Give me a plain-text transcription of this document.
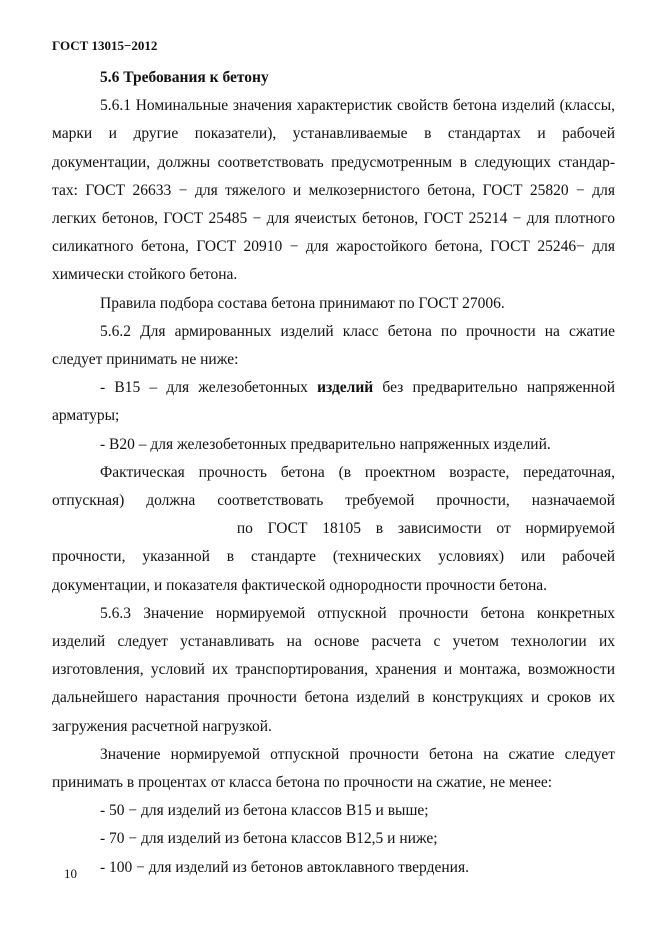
ГОСТ 13015−2012
5.6 Требования к бетону

5.6.1 Номинальные значения характеристик свойств бетона изделий (классы, марки и другие показатели), устанавливаемые в стандартах и рабочей документации, должны соответствовать предусмотренным в следующих стандар-тах: ГОСТ 26633 − для тяжелого и мелкозернистого бетона, ГОСТ 25820 − для легких бетонов, ГОСТ 25485 − для ячеистых бетонов, ГОСТ 25214 − для плотного силикатного бетона, ГОСТ 20910 − для жаростойкого бетона, ГОСТ 25246− для химически стойкого бетона.

Правила подбора состава бетона принимают по ГОСТ 27006.

5.6.2 Для армированных изделий класс бетона по прочности на сжатие следует принимать не ниже:

- В15 – для железобетонных изделий без предварительно напряженной арматуры;

- В20 – для железобетонных предварительно напряженных изделий.

Фактическая прочность бетона (в проектном возрасте, передаточная, отпускная) должна соответствовать требуемой прочности, назначаемой по ГОСТ 18105 в зависимости от нормируемой прочности, указанной в стандарте (технических условиях) или рабочей документации, и показателя фактической однородности прочности бетона.

5.6.3 Значение нормируемой отпускной прочности бетона конкретных изделий следует устанавливать на основе расчета с учетом технологии их изготовления, условий их транспортирования, хранения и монтажа, возможности дальнейшего нарастания прочности бетона изделий в конструкциях и сроков их загружения расчетной нагрузкой.

Значение нормируемой отпускной прочности бетона на сжатие следует принимать в процентах от класса бетона по прочности на сжатие, не менее:

- 50 − для изделий из бетона классов В15 и выше;

- 70 − для изделий из бетона классов В12,5 и ниже;

- 100 − для изделий из бетонов автоклавного твердения.

10
